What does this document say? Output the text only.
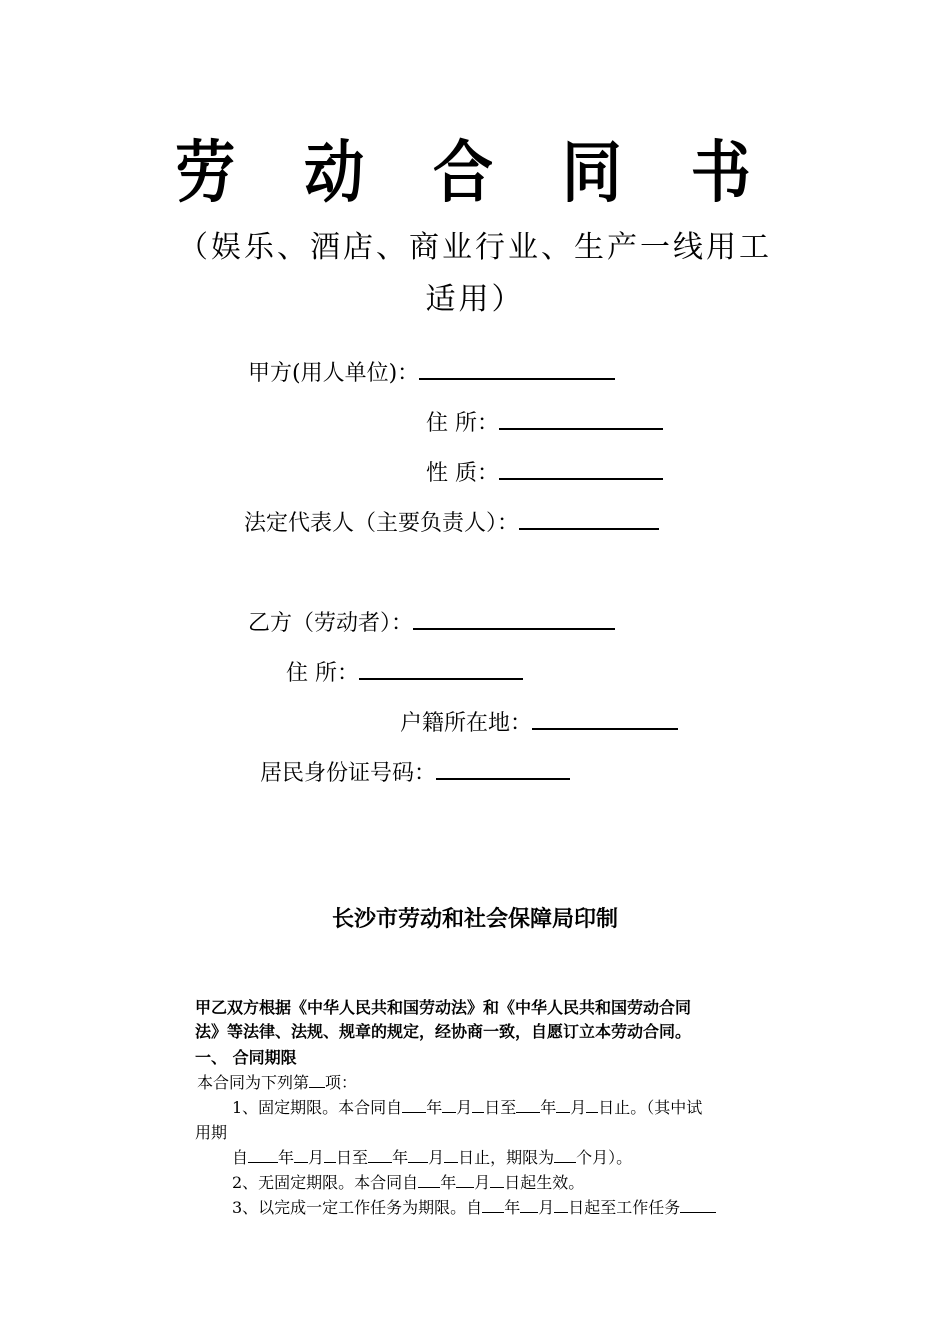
劳 动 合 同 书
（娱乐、酒店、商业行业、生产一线用工
适用）
甲方(用人单位)：
住 所：
性 质：
法定代表人（主要负责人）：
乙方（劳动者）：
住 所：
户籍所在地：
居民身份证号码：
长沙市劳动和社会保障局印制
甲乙双方根据《中华人民共和国劳动法》和《中华人民共和国劳动合同
法》等法律、法规、规章的规定，经协商一致，自愿订立本劳动合同。
一、 合同期限
本合同为下列第 项：
1、固定期限。本合同自 年 月 日至 年 月 日止。（其中试
用期
自 年 月 日至 年 月 日止，期限为 个月）。
2、无固定期限。本合同自 年 月 日起生效。
3、以完成一定工作任务为期限。自 年 月 日起至工作任务
